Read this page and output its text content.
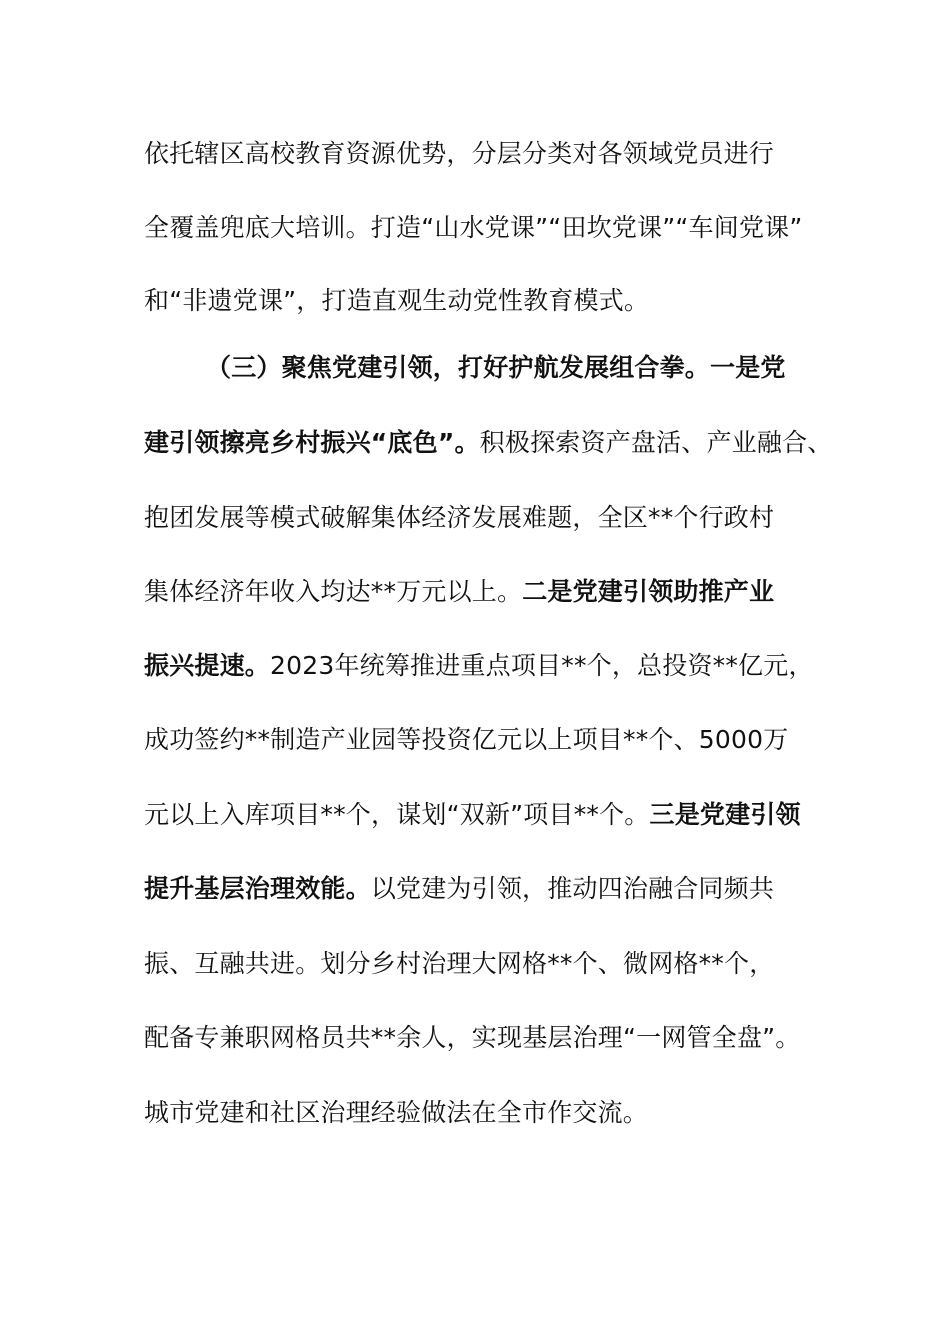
依托辖区高校教育资源优势，分层分类对各领域党员进行
全覆盖兜底大培训。打造“山水党课”“田坎党课”“车间党课”
和“非遗党课”，打造直观生动党性教育模式。
（三）聚焦党建引领，打好护航发展组合拳。一是党
建引领擦亮乡村振兴“底色”。积极探索资产盘活、产业融合、
抱团发展等模式破解集体经济发展难题，全区**个行政村
集体经济年收入均达**万元以上。二是党建引领助推产业
振兴提速。2023年统筹推进重点项目**个，总投资**亿元，
成功签约**制造产业园等投资亿元以上项目**个、5000万
元以上入库项目**个，谋划“双新”项目**个。三是党建引领
提升基层治理效能。以党建为引领，推动四治融合同频共
振、互融共进。划分乡村治理大网格**个、微网格**个，
配备专兼职网格员共**余人，实现基层治理“一网管全盘”。
城市党建和社区治理经验做法在全市作交流。
